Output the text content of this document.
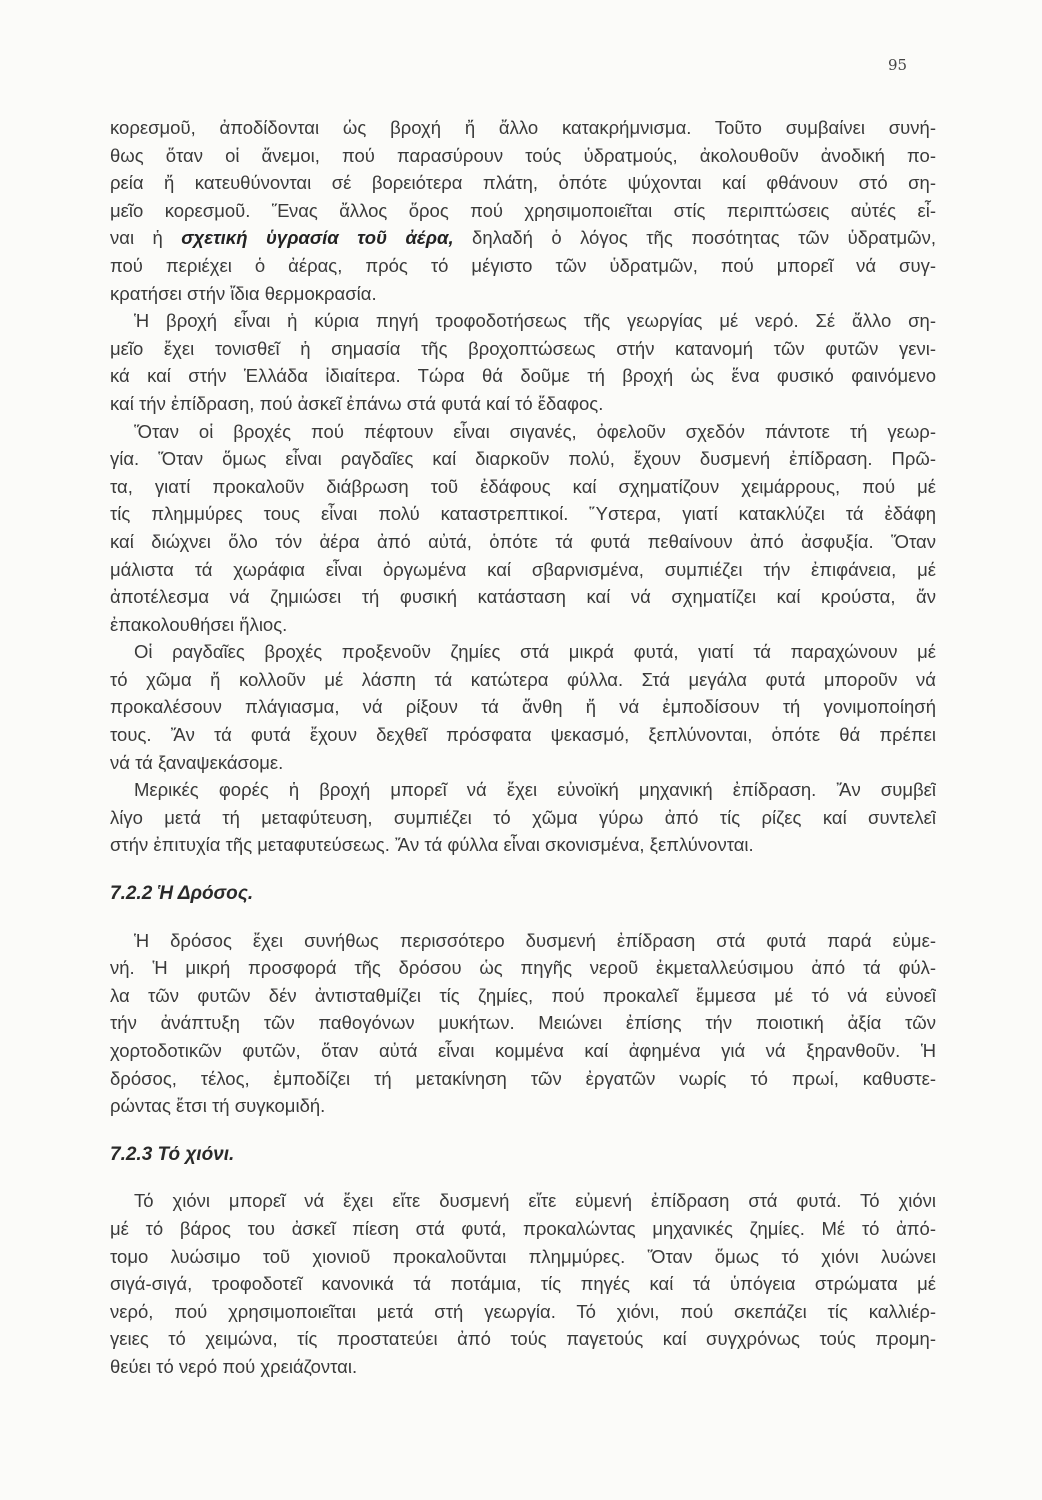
95
κορεσμοῦ, ἀποδίδονται ὡς βροχή ἤ ἄλλο κατακρήμνισμα. Τοῦτο συμβαίνει συνή-
θως ὅταν οἱ ἄνεμοι, πού παρασύρουν τούς ὑδρατμούς, ἀκολουθοῦν ἀνοδική πο-
ρεία ἤ κατευθύνονται σέ βορειότερα πλάτη, ὁπότε ψύχονται καί φθάνουν στό ση-
μεῖο κορεσμοῦ. Ἕνας ἄλλος ὅρος πού χρησιμοποιεῖται στίς περιπτώσεις αὐτές εἶ-
ναι ἡ σχετική ὑγρασία τοῦ ἀέρα, δηλαδή ὁ λόγος τῆς ποσότητας τῶν ὑδρατμῶν,
πού περιέχει ὁ ἀέρας, πρός τό μέγιστο τῶν ὑδρατμῶν, πού μπορεῖ νά συγ-
κρατήσει στήν ἴδια θερμοκρασία.
Ἡ βροχή εἶναι ἡ κύρια πηγή τροφοδοτήσεως τῆς γεωργίας μέ νερό. Σέ ἄλλο ση-
μεῖο ἔχει τονισθεῖ ἡ σημασία τῆς βροχοπτώσεως στήν κατανομή τῶν φυτῶν γενι-
κά καί στήν Ἑλλάδα ἰδιαίτερα. Τώρα θά δοῦμε τή βροχή ὡς ἕνα φυσικό φαινόμενο
καί τήν ἐπίδραση, πού ἀσκεῖ ἐπάνω στά φυτά καί τό ἔδαφος.
Ὅταν οἱ βροχές πού πέφτουν εἶναι σιγανές, ὀφελοῦν σχεδόν πάντοτε τή γεωρ-
γία. Ὅταν ὅμως εἶναι ραγδαῖες καί διαρκοῦν πολύ, ἔχουν δυσμενή ἐπίδραση. Πρῶ-
τα, γιατί προκαλοῦν διάβρωση τοῦ ἐδάφους καί σχηματίζουν χειμάρρους, πού μέ
τίς πλημμύρες τους εἶναι πολύ καταστρεπτικοί. Ὕστερα, γιατί κατακλύζει τά ἐδάφη
καί διώχνει ὅλο τόν ἀέρα ἀπό αὐτά, ὁπότε τά φυτά πεθαίνουν ἀπό ἀσφυξία. Ὅταν
μάλιστα τά χωράφια εἶναι ὀργωμένα καί σβαρνισμένα, συμπιέζει τήν ἐπιφάνεια, μέ
ἀποτέλεσμα νά ζημιώσει τή φυσική κατάσταση καί νά σχηματίζει καί κρούστα, ἄν
ἐπακολουθήσει ἥλιος.
Οἱ ραγδαῖες βροχές προξενοῦν ζημίες στά μικρά φυτά, γιατί τά παραχώνουν μέ
τό χῶμα ἤ κολλοῦν μέ λάσπη τά κατώτερα φύλλα. Στά μεγάλα φυτά μποροῦν νά
προκαλέσουν πλάγιασμα, νά ρίξουν τά ἄνθη ἤ νά ἐμποδίσουν τή γονιμοποίησή
τους. Ἄν τά φυτά ἔχουν δεχθεῖ πρόσφατα ψεκασμό, ξεπλύνονται, ὁπότε θά πρέπει
νά τά ξαναψεκάσομε.
Μερικές φορές ἡ βροχή μπορεῖ νά ἔχει εὐνοϊκή μηχανική ἐπίδραση. Ἄν συμβεῖ
λίγο μετά τή μεταφύτευση, συμπιέζει τό χῶμα γύρω ἀπό τίς ρίζες καί συντελεῖ
στήν ἐπιτυχία τῆς μεταφυτεύσεως. Ἄν τά φύλλα εἶναι σκονισμένα, ξεπλύνονται.
7.2.2 Ἡ Δρόσος.
Ἡ δρόσος ἔχει συνήθως περισσότερο δυσμενή ἐπίδραση στά φυτά παρά εὐμε-
νή. Ἡ μικρή προσφορά τῆς δρόσου ὡς πηγῆς νεροῦ ἐκμεταλλεύσιμου ἀπό τά φύλ-
λα τῶν φυτῶν δέν ἀντισταθμίζει τίς ζημίες, πού προκαλεῖ ἔμμεσα μέ τό νά εὐνοεῖ
τήν ἀνάπτυξη τῶν παθογόνων μυκήτων. Μειώνει ἐπίσης τήν ποιοτική ἀξία τῶν
χορτοδοτικῶν φυτῶν, ὅταν αὐτά εἶναι κομμένα καί ἀφημένα γιά νά ξηρανθοῦν. Ἡ
δρόσος, τέλος, ἐμποδίζει τή μετακίνηση τῶν ἐργατῶν νωρίς τό πρωί, καθυστε-
ρώντας ἔτσι τή συγκομιδή.
7.2.3 Τό χιόνι.
Τό χιόνι μπορεῖ νά ἔχει εἴτε δυσμενή εἴτε εὐμενή ἐπίδραση στά φυτά. Τό χιόνι
μέ τό βάρος του ἀσκεῖ πίεση στά φυτά, προκαλώντας μηχανικές ζημίες. Μέ τό ἀπό-
τομο λυώσιμο τοῦ χιονιοῦ προκαλοῦνται πλημμύρες. Ὅταν ὅμως τό χιόνι λυώνει
σιγά-σιγά, τροφοδοτεῖ κανονικά τά ποτάμια, τίς πηγές καί τά ὑπόγεια στρώματα μέ
νερό, πού χρησιμοποιεῖται μετά στή γεωργία. Τό χιόνι, πού σκεπάζει τίς καλλιέρ-
γειες τό χειμώνα, τίς προστατεύει ἀπό τούς παγετούς καί συγχρόνως τούς προμη-
θεύει τό νερό πού χρειάζονται.
